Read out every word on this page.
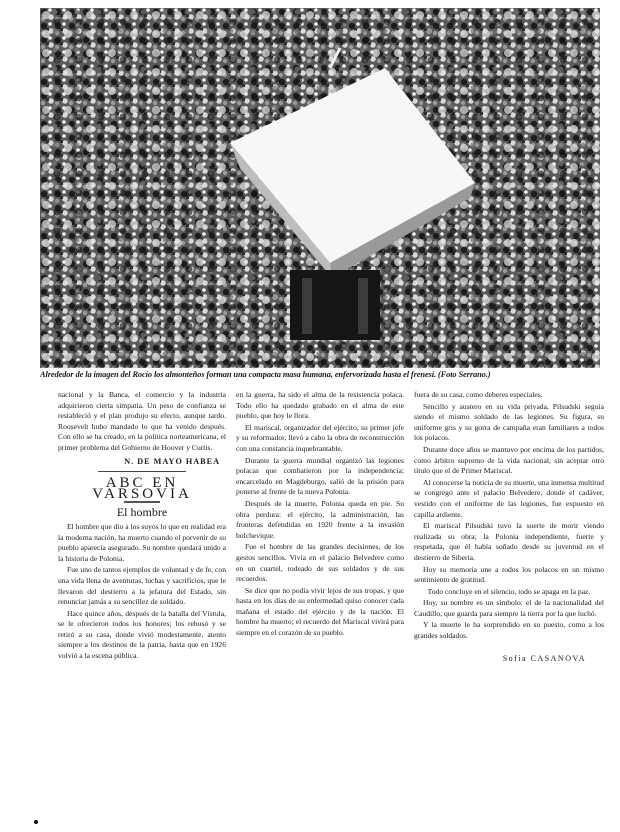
Alrededor de la imagen del Rocío los almonteños forman una compacta masa humana, enfervorizada hasta el frenesí. (Foto Serrano.)

nacional y la Banca, el comercio y la industria adquirieron cierta simpatía. Un peso de confianza se restableció y el plan produjo su efecto, aunque tardo. Roosevelt hubo mandado lo que ha venido después. Con ello se ha creado, en la política norteamericana, el primer problema del Gobierno de Hoover y Curtis.

N. DE MAYO HABEA
ABC EN VARSOVIA
El hombre

El hombre que dio a los suyos lo que en realidad era la moderna nación, ha muerto cuando el porvenir de su pueblo aparecía asegurado. Su nombre quedará unido a la historia de Polonia.

Fue uno de tantos ejemplos de voluntad y de fe, con una vida llena de aventuras, luchas y sacrificios, que le llevaron del destierro a la jefatura del Estado, sin renunciar jamás a su sencillez de soldado.

Hace quince años, después de la batalla del Vístula, se le ofrecieron todos los honores; los rehusó y se retiró a su casa, donde vivió modestamente, atento siempre a los destinos de la patria, hasta que en 1926 volvió a la escena pública.

en la guerra, ha sido el alma de la resistencia polaca. Todo ello ha quedado grabado en el alma de este pueblo, que hoy le llora.

El mariscal, organizador del ejército, su primer jefe y su reformador, llevó a cabo la obra de reconstrucción con una constancia inquebrantable.

Durante la guerra mundial organizó las legiones polacas que combatieron por la independencia; encarcelado en Magdeburgo, salió de la prisión para ponerse al frente de la nueva Polonia.

Después de la muerte, Polonia queda en pie. Su obra perdura: el ejército, la administración, las fronteras defendidas en 1920 frente a la invasión bolchevique.

Fue el hombre de las grandes decisiones, de los gestos sencillos. Vivía en el palacio Belvedere como en un cuartel, rodeado de sus soldados y de sus recuerdos.

Se dice que no podía vivir lejos de sus tropas, y que hasta en los días de su enfermedad quiso conocer cada mañana el estado del ejército y de la nación. El hombre ha muerto; el recuerdo del Mariscal vivirá para siempre en el corazón de su pueblo.

fuera de su casa, como deberes especiales.

Sencillo y austero en su vida privada, Pilsudski seguía siendo el mismo soldado de las legiones. Su figura, su uniforme gris y su gorra de campaña eran familiares a todos los polacos.

Durante doce años se mantuvo por encima de los partidos, como árbitro supremo de la vida nacional, sin aceptar otro título que el de Primer Mariscal.

Al conocerse la noticia de su muerte, una inmensa multitud se congregó ante el palacio Belvedere, donde el cadáver, vestido con el uniforme de las legiones, fue expuesto en capilla ardiente.

El mariscal Pilsudski tuvo la suerte de morir viendo realizada su obra; la Polonia independiente, fuerte y respetada, que él había soñado desde su juventud en el destierro de Siberia.

Hoy su memoria une a todos los polacos en un mismo sentimiento de gratitud.

Todo concluye en el silencio, todo se apaga en la paz.

Hoy, su nombre es un símbolo: el de la nacionalidad del Caudillo, que guarda para siempre la tierra por la que luchó.

Y la muerte le ha sorprendido en su puesto, como a los grandes soldados.

Sofía CASANOVA
